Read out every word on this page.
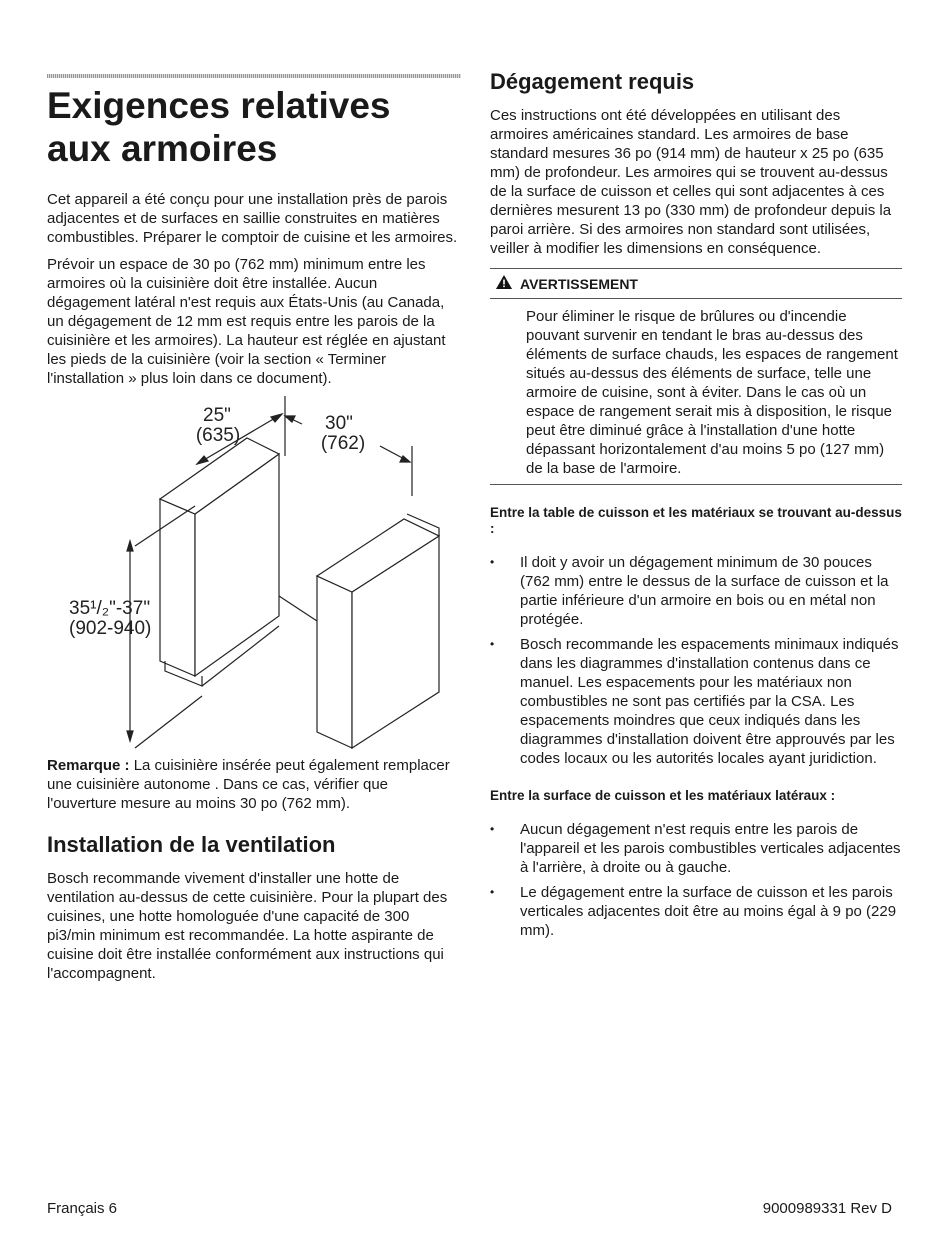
Exigences relatives aux armoires

Cet appareil a été conçu pour une installation près de parois adjacentes et de surfaces en saillie construites en matières combustibles. Préparer le comptoir de cuisine et les armoires.

Prévoir un espace de 30 po (762 mm) minimum entre les armoires où la cuisinière doit être installée. Aucun dégagement latéral n'est requis aux États-Unis (au Canada, un dégagement de 12 mm est requis entre les parois de la cuisinière et les armoires). La hauteur est réglée en ajustant les pieds de la cuisinière (voir la section « Terminer l'installation » plus loin dans ce document).

25"
(635)
30"
(762)
35¹/₂"-37"
(902-940)

Remarque : La cuisinière insérée peut également remplacer une cuisinière autonome . Dans ce cas, vérifier que l'ouverture mesure au moins 30 po (762 mm).

Installation de la ventilation

Bosch recommande vivement d'installer une hotte de ventilation au-dessus de cette cuisinière. Pour la plupart des cuisines, une hotte homologuée d'une capacité de 300 pi3/min minimum est recommandée. La hotte aspirante de cuisine doit être installée conformément aux instructions qui l'accompagnent.

Dégagement requis

Ces instructions ont été développées en utilisant des armoires américaines standard. Les armoires de base standard mesures 36 po (914 mm) de hauteur x 25 po (635 mm) de profondeur. Les armoires qui se trouvent au-dessus de la surface de cuisson et celles qui sont adjacentes à ces dernières mesurent 13 po (330 mm) de profondeur depuis la paroi arrière. Si des armoires non standard sont utilisées, veiller à modifier les dimensions en conséquence.

AVERTISSEMENT
Pour éliminer le risque de brûlures ou d'incendie pouvant survenir en tendant le bras au-dessus des éléments de surface chauds, les espaces de rangement situés au-dessus des éléments de surface, telle une armoire de cuisine, sont à éviter. Dans le cas où un espace de rangement serait mis à disposition, le risque peut être diminué grâce à l'installation d'une hotte dépassant horizontalement d'au moins 5 po (127 mm) de la base de l'armoire.
Entre la table de cuisson et les matériaux se trouvant au-dessus :
• Il doit y avoir un dégagement minimum de 30 pouces (762 mm) entre le dessus de la surface de cuisson et la partie inférieure d'un armoire en bois ou en métal non protégée.
• Bosch recommande les espacements minimaux indiqués dans les diagrammes d'installation contenus dans ce manuel. Les espacements pour les matériaux non combustibles ne sont pas certifiés par la CSA. Les espacements moindres que ceux indiqués dans les diagrammes d'installation doivent être approuvés par les codes locaux ou les autorités locales ayant juridiction.
Entre la surface de cuisson et les matériaux latéraux :
• Aucun dégagement n'est requis entre les parois de l'appareil et les parois combustibles verticales adjacentes à l'arrière, à droite ou à gauche.
• Le dégagement entre la surface de cuisson et les parois verticales adjacentes doit être au moins égal à 9 po (229 mm).
Français 6	9000989331 Rev D
